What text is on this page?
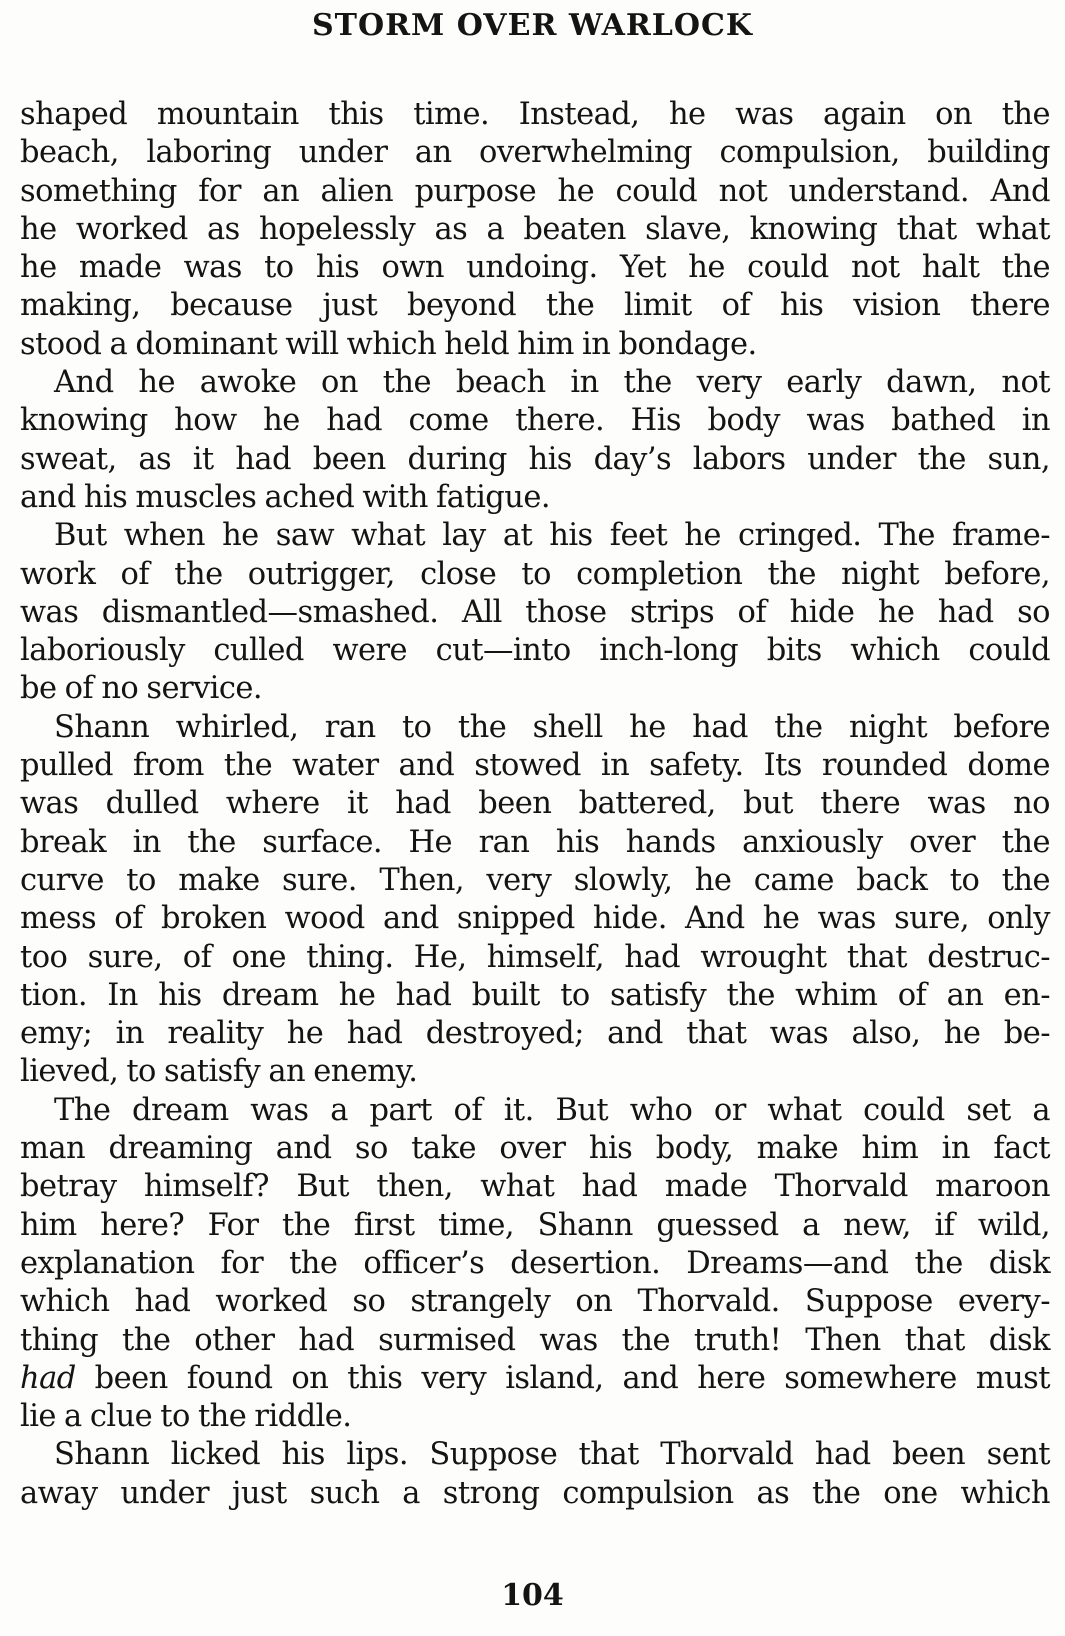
STORM OVER WARLOCK

shaped mountain this time. Instead, he was again on the

beach, laboring under an overwhelming compulsion, building

something for an alien purpose he could not understand. And

he worked as hopelessly as a beaten slave, knowing that what

he made was to his own undoing. Yet he could not halt the

making, because just beyond the limit of his vision there

stood a dominant will which held him in bondage.

And he awoke on the beach in the very early dawn, not

knowing how he had come there. His body was bathed in

sweat, as it had been during his day’s labors under the sun,

and his muscles ached with fatigue.

But when he saw what lay at his feet he cringed. The frame-

work of the outrigger, close to completion the night before,

was dismantled—smashed. All those strips of hide he had so

laboriously culled were cut—into inch-long bits which could

be of no service.

Shann whirled, ran to the shell he had the night before

pulled from the water and stowed in safety. Its rounded dome

was dulled where it had been battered, but there was no

break in the surface. He ran his hands anxiously over the

curve to make sure. Then, very slowly, he came back to the

mess of broken wood and snipped hide. And he was sure, only

too sure, of one thing. He, himself, had wrought that destruc-

tion. In his dream he had built to satisfy the whim of an en-

emy; in reality he had destroyed; and that was also, he be-

lieved, to satisfy an enemy.

The dream was a part of it. But who or what could set a

man dreaming and so take over his body, make him in fact

betray himself? But then, what had made Thorvald maroon

him here? For the first time, Shann guessed a new, if wild,

explanation for the officer’s desertion. Dreams—and the disk

which had worked so strangely on Thorvald. Suppose every-

thing the other had surmised was the truth! Then that disk

had been found on this very island, and here somewhere must

lie a clue to the riddle.

Shann licked his lips. Suppose that Thorvald had been sent

away under just such a strong compulsion as the one which

104
